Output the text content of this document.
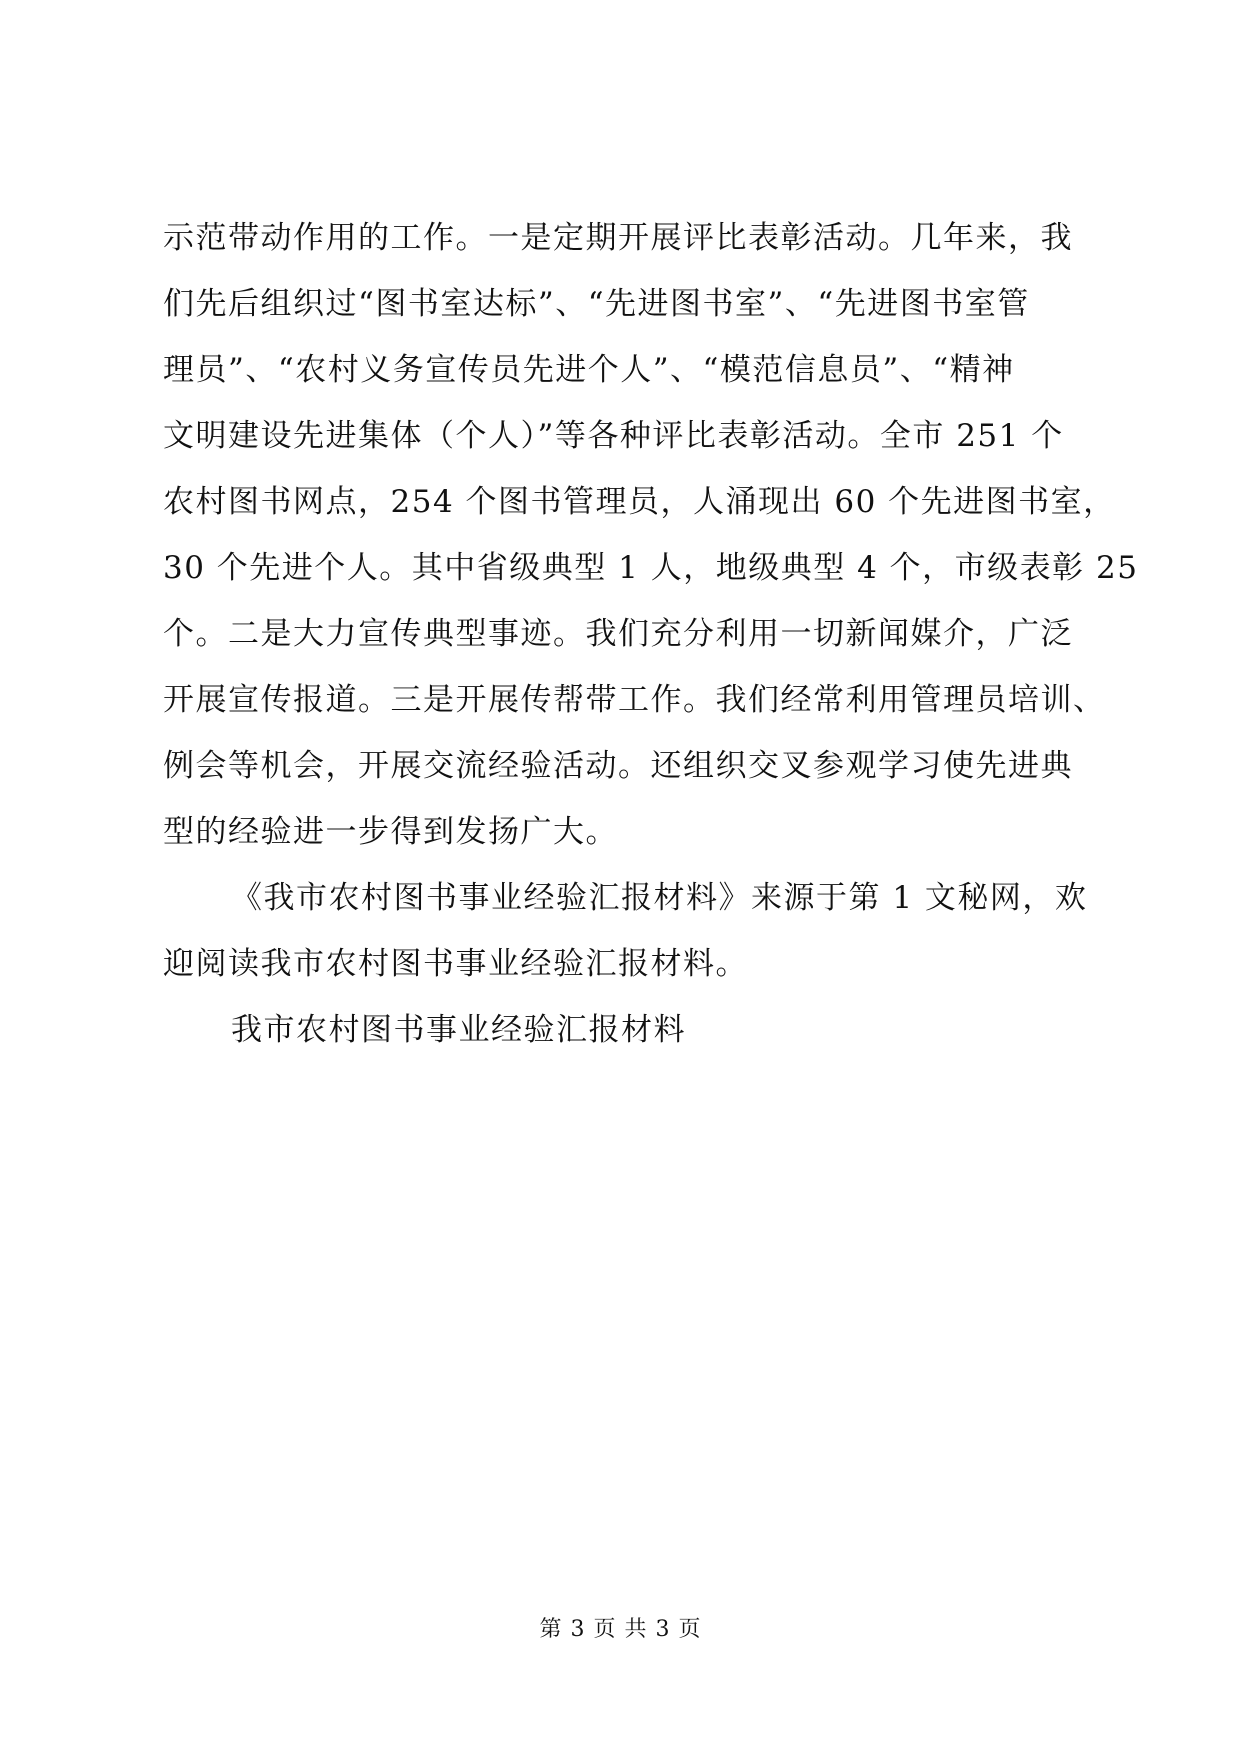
示范带动作用的工作。一是定期开展评比表彰活动。几年来，我
们先后组织过“图书室达标”、“先进图书室”、“先进图书室管
理员”、“农村义务宣传员先进个人”、“模范信息员”、“精神
文明建设先进集体（个人）”等各种评比表彰活动。全市 251 个
农村图书网点，254 个图书管理员，人涌现出 60 个先进图书室，
30 个先进个人。其中省级典型 1 人，地级典型 4 个，市级表彰 25
个。二是大力宣传典型事迹。我们充分利用一切新闻媒介，广泛
开展宣传报道。三是开展传帮带工作。我们经常利用管理员培训、
例会等机会，开展交流经验活动。还组织交叉参观学习使先进典
型的经验进一步得到发扬广大。

《我市农村图书事业经验汇报材料》来源于第 1 文秘网，欢
迎阅读我市农村图书事业经验汇报材料。

我市农村图书事业经验汇报材料

第 3 页 共 3 页
